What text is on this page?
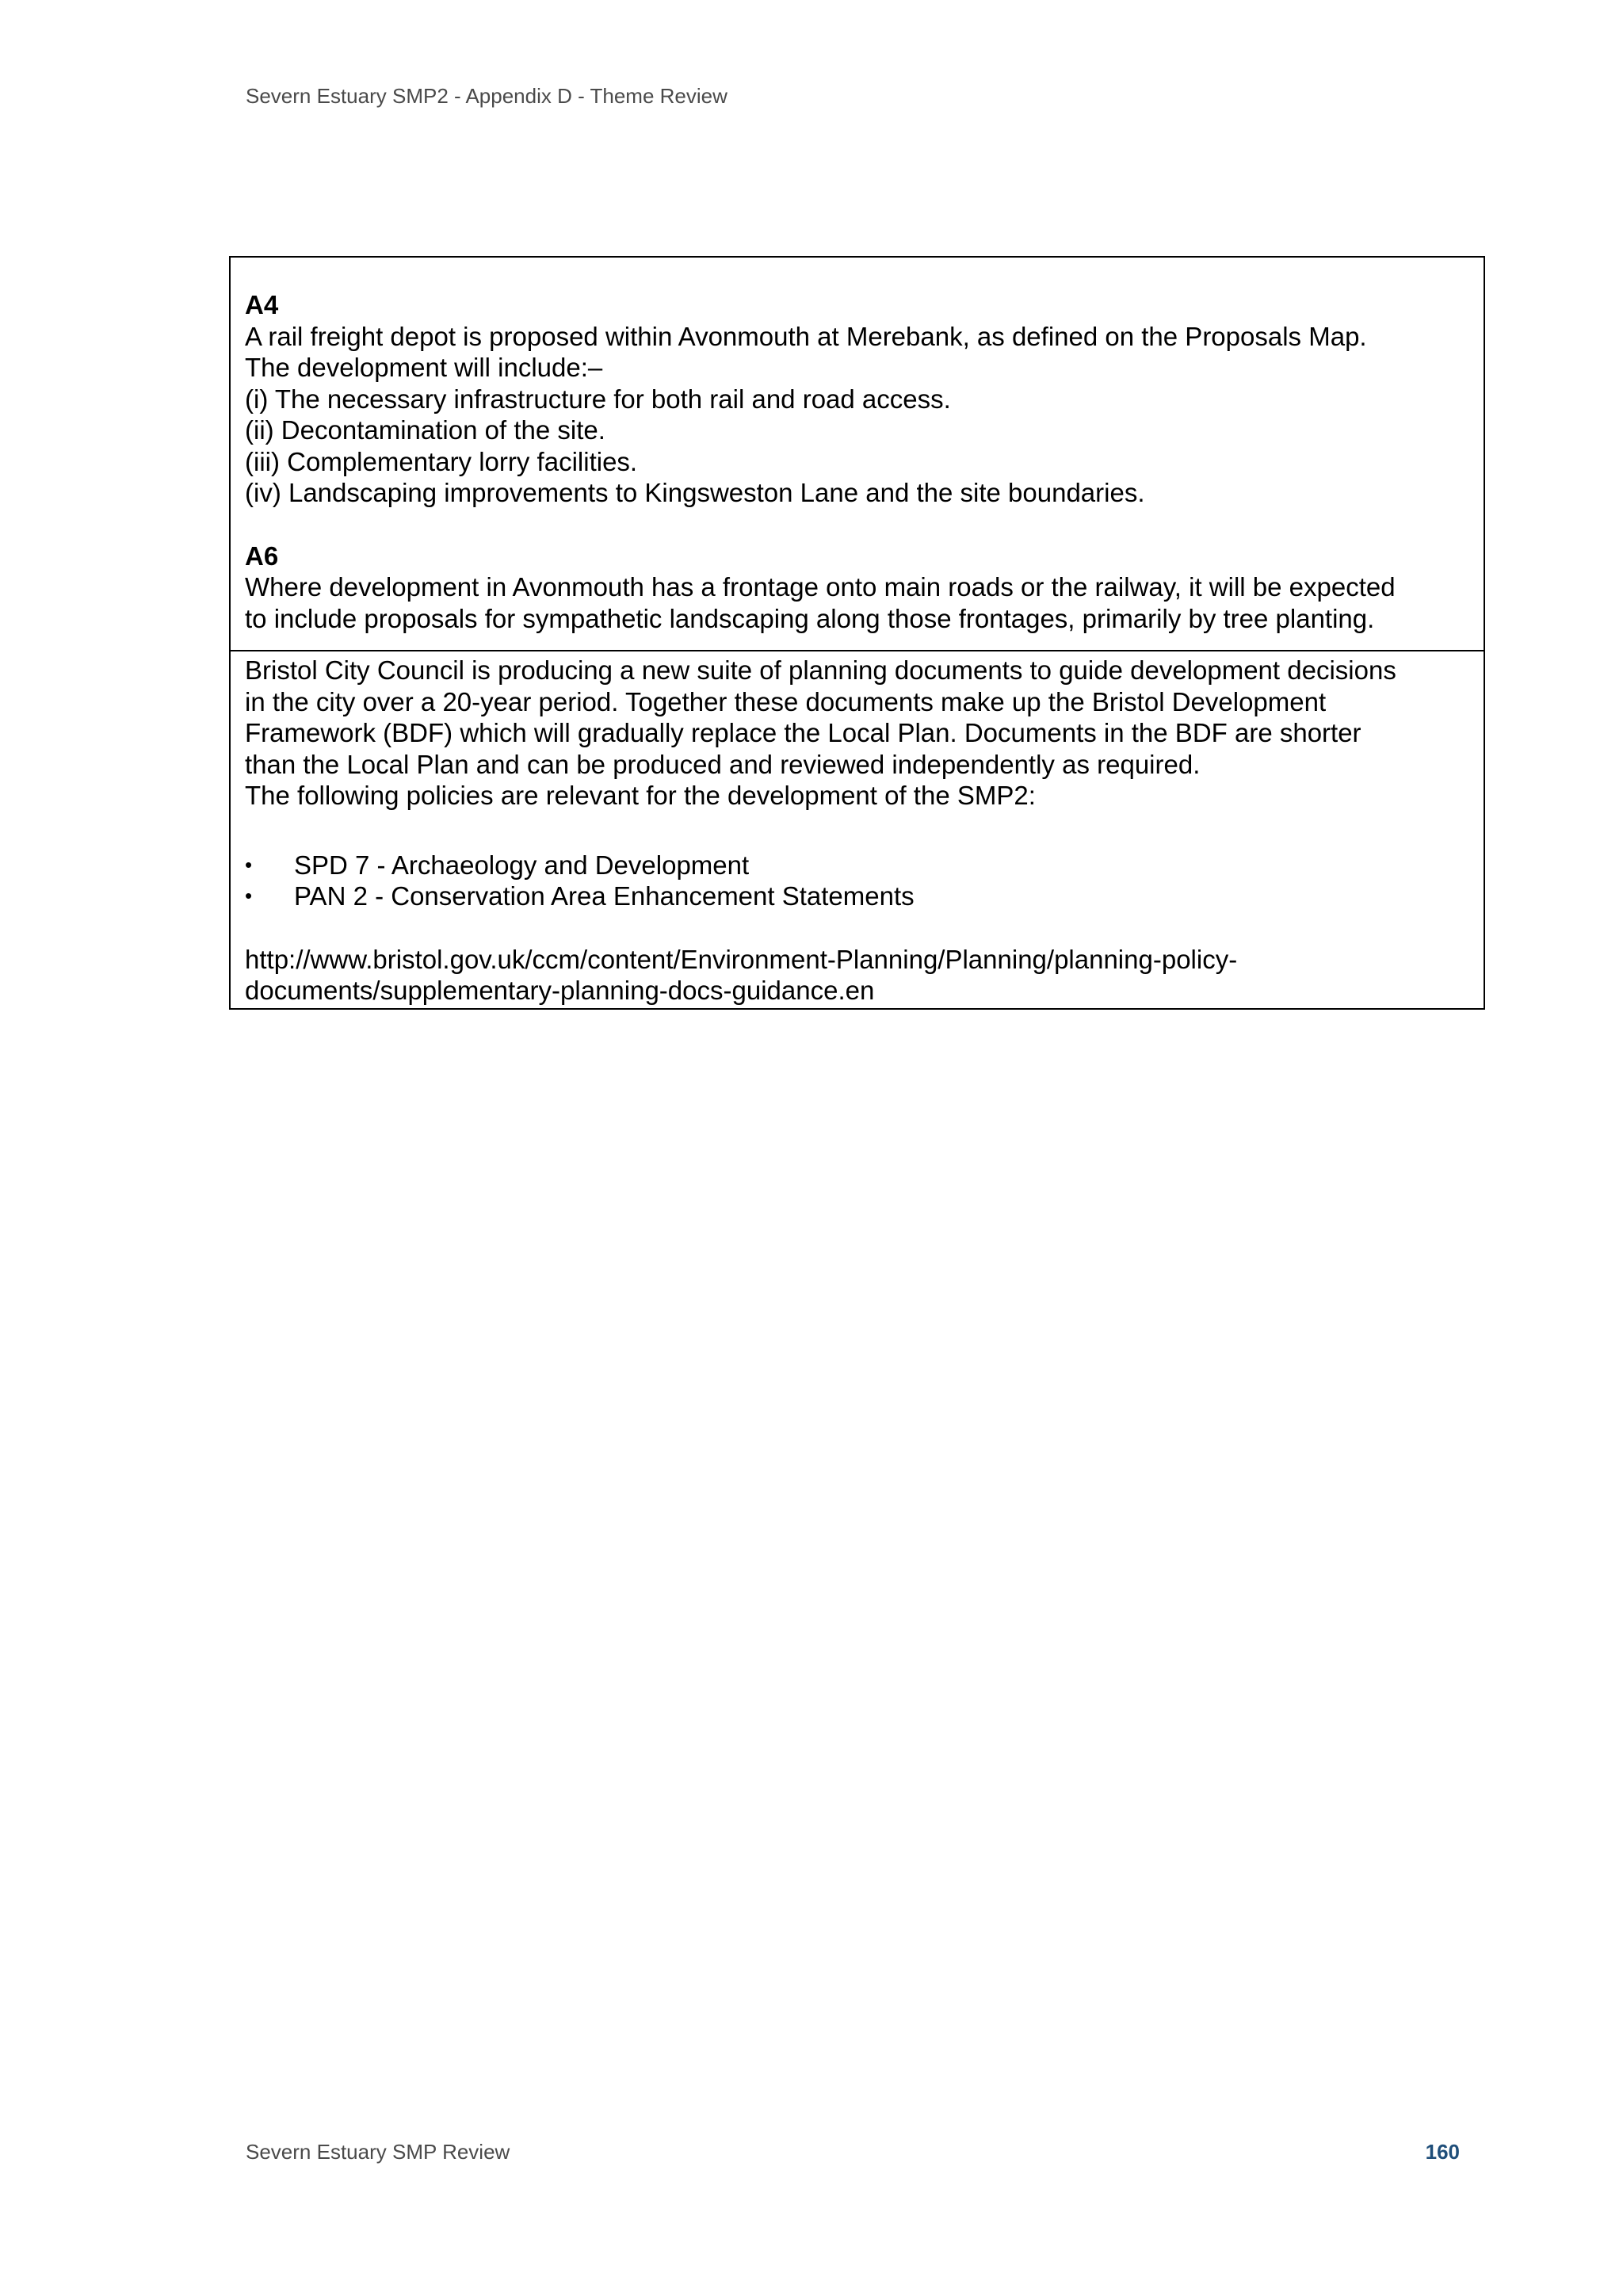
Severn Estuary SMP2 - Appendix D - Theme Review
A4
A rail freight depot is proposed within Avonmouth at Merebank, as defined on the Proposals Map.
The development will include:–
(i) The necessary infrastructure for both rail and road access.
(ii) Decontamination of the site.
(iii) Complementary lorry facilities.
(iv) Landscaping improvements to Kingsweston Lane and the site boundaries.
A6
Where development in Avonmouth has a frontage onto main roads or the railway, it will be expected
to include proposals for sympathetic landscaping along those frontages, primarily by tree planting.
Bristol City Council is producing a new suite of planning documents to guide development decisions
in the city over a 20-year period. Together these documents make up the Bristol Development
Framework (BDF) which will gradually replace the Local Plan. Documents in the BDF are shorter
than the Local Plan and can be produced and reviewed independently as required.
The following policies are relevant for the development of the SMP2:
• SPD 7 - Archaeology and Development
• PAN 2 - Conservation Area Enhancement Statements
http://www.bristol.gov.uk/ccm/content/Environment-Planning/Planning/planning-policy-
documents/supplementary-planning-docs-guidance.en
Severn Estuary SMP Review	160
